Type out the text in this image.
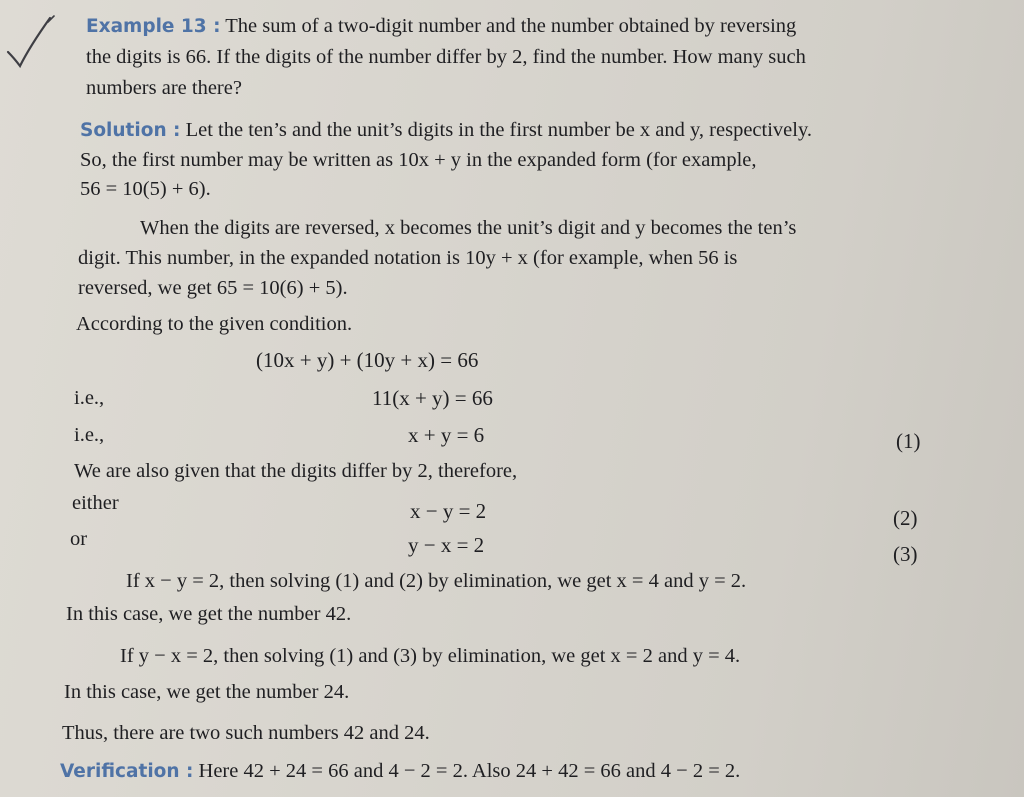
Example 13 : The sum of a two-digit number and the number obtained by reversing
the digits is 66. If the digits of the number differ by 2, find the number. How many such
numbers are there?
Solution : Let the ten’s and the unit’s digits in the first number be x and y, respectively.
So, the first number may be written as 10x + y in the expanded form (for example,
56 = 10(5) + 6).
When the digits are reversed, x becomes the unit’s digit and y becomes the ten’s
digit. This number, in the expanded notation is 10y + x (for example, when 56 is
reversed, we get 65 = 10(6) + 5).
According to the given condition.
(10x + y) + (10y + x) = 66
i.e.,	11(x + y) = 66
i.e.,	x + y = 6	(1)
We are also given that the digits differ by 2, therefore,
either	x − y = 2	(2)
or	y − x = 2	(3)
If x − y = 2, then solving (1) and (2) by elimination, we get x = 4 and y = 2.
In this case, we get the number 42.
If y − x = 2, then solving (1) and (3) by elimination, we get x = 2 and y = 4.
In this case, we get the number 24.
Thus, there are two such numbers 42 and 24.
Verification : Here 42 + 24 = 66 and 4 − 2 = 2. Also 24 + 42 = 66 and 4 − 2 = 2.
